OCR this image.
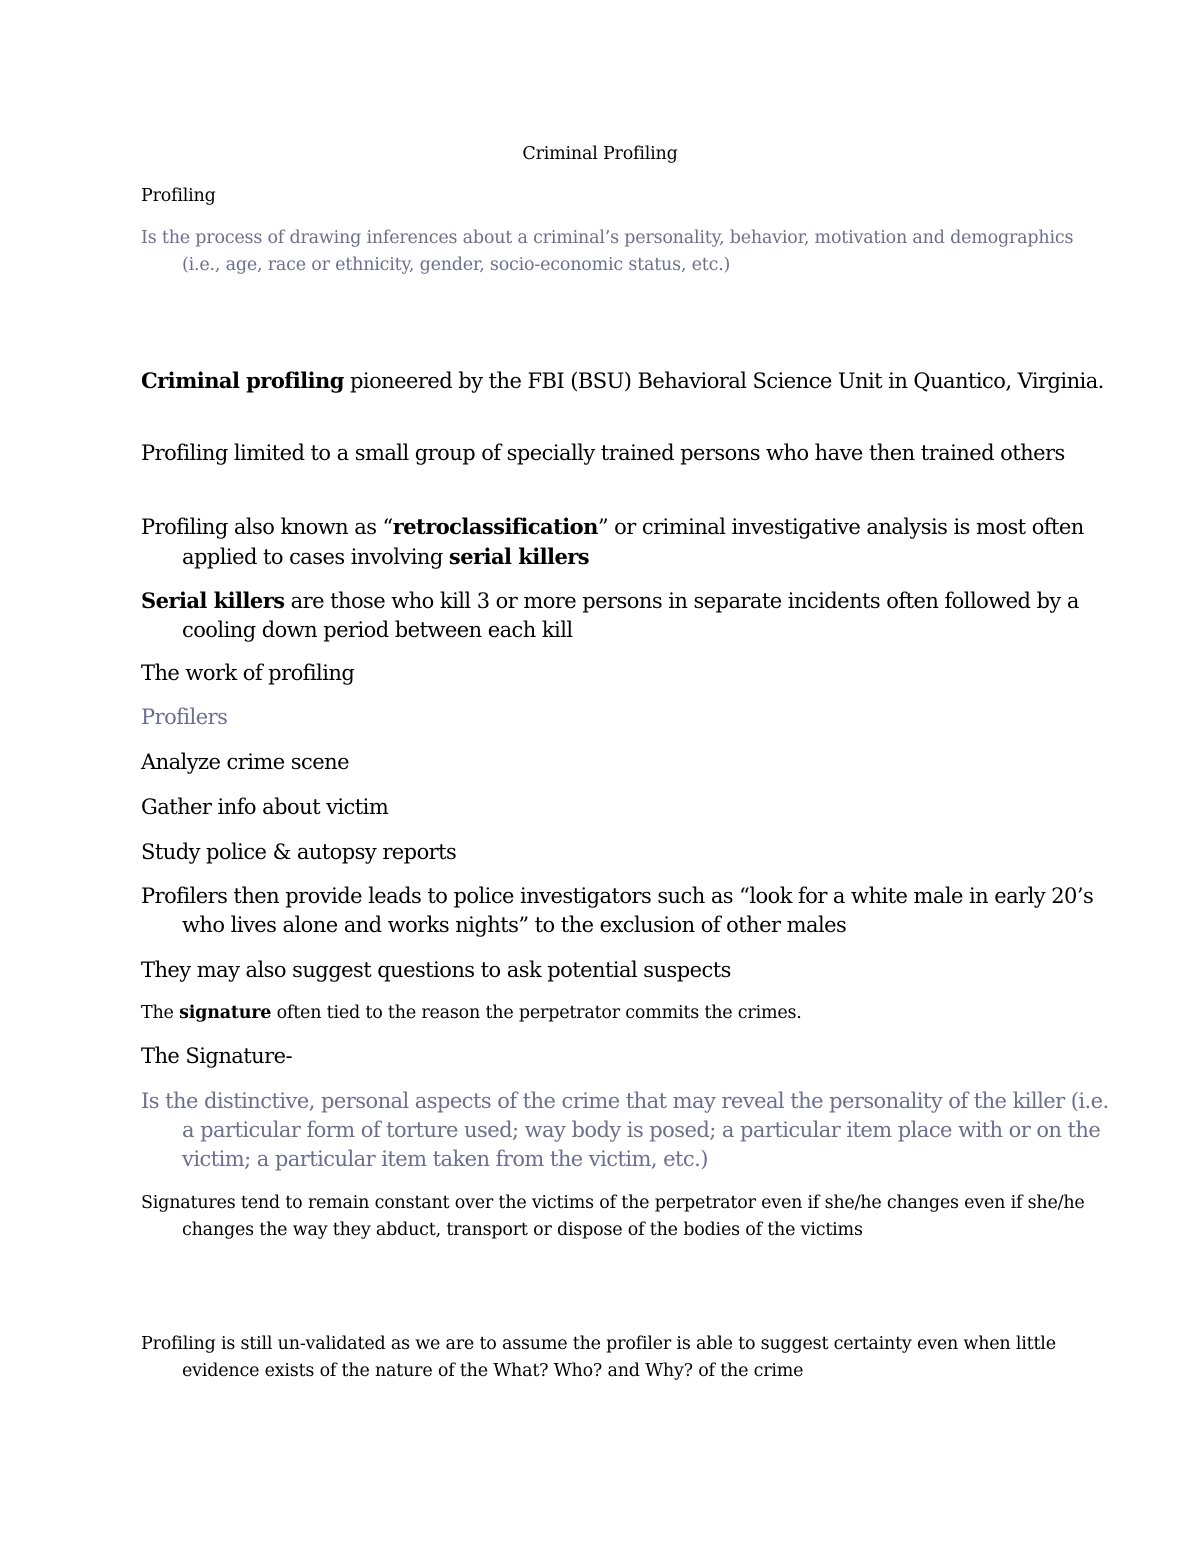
Criminal Profiling

Profiling

Is the process of drawing inferences about a criminal’s personality, behavior, motivation and demographics (i.e., age, race or ethnicity, gender, socio-economic status, etc.)

Criminal profiling pioneered by the FBI (BSU) Behavioral Science Unit in Quantico, Virginia.

Profiling limited to a small group of specially trained persons who have then trained others

Profiling also known as “retroclassification” or criminal investigative analysis is most often applied to cases involving serial killers

Serial killers are those who kill 3 or more persons in separate incidents often followed by a cooling down period between each kill

The work of profiling

Profilers

Analyze crime scene

Gather info about victim

Study police & autopsy reports

Profilers then provide leads to police investigators such as “look for a white male in early 20’s who lives alone and works nights” to the exclusion of other males

They may also suggest questions to ask potential suspects

The signature often tied to the reason the perpetrator commits the crimes.

The Signature-

Is the distinctive, personal aspects of the crime that may reveal the personality of the killer (i.e. a particular form of torture used; way body is posed; a particular item place with or on the victim; a particular item taken from the victim, etc.)

Signatures tend to remain constant over the victims of the perpetrator even if she/he changes even if she/he changes the way they abduct, transport or dispose of the bodies of the victims

Profiling is still un-validated as we are to assume the profiler is able to suggest certainty even when little evidence exists of the nature of the What? Who? and Why? of the crime
